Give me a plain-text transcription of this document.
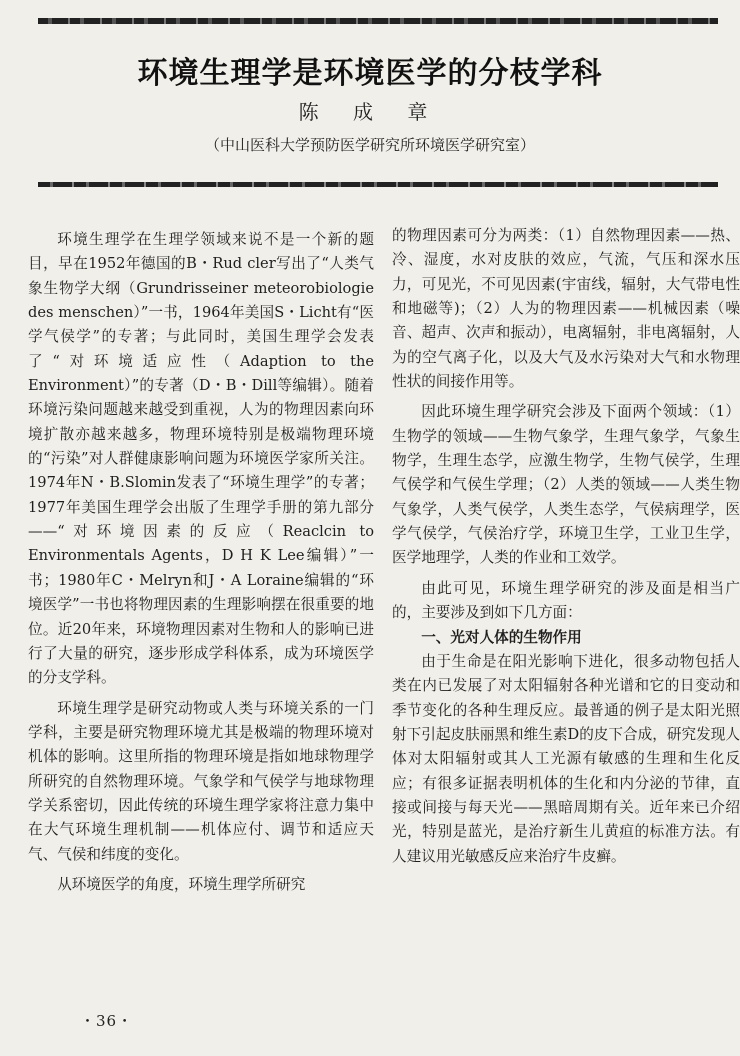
环境生理学是环境医学的分枝学科
陈 成 章
（中山医科大学预防医学研究所环境医学研究室）

环境生理学在生理学领域来说不是一个新的题目，早在1952年德国的B・Rud cler写出了“人类气象生物学大纲（Grundrisseiner meteorobiologie des menschen）”一书，1964年美国S・Licht有“医学气侯学”的专著；与此同时，美国生理学会发表了“对环境适应性（Adaption to the Environment）”的专著（D・B・Dill等编辑）。随着环境污染问题越来越受到重视，人为的物理因素向环境扩散亦越来越多，物理环境特别是极端物理环境的“污染”对人群健康影响问题为环境医学家所关注。1974年N・B.Slomin发表了“环境生理学”的专著；1977年美国生理学会出版了生理学手册的第九部分——“对环境因素的反应（Reaclcin to Environmentals Agents，D H K Lee编辑）”一书；1980年C・Melryn和J・A Loraine编辑的“环境医学”一书也将物理因素的生理影响摆在很重要的地位。近20年来，环境物理因素对生物和人的影响已进行了大量的研究，逐步形成学科体系，成为环境医学的分支学科。

环境生理学是研究动物或人类与环境关系的一门学科，主要是研究物理环境尤其是极端的物理环境对机体的影响。这里所指的物理环境是指如地球物理学所研究的自然物理环境。气象学和气侯学与地球物理学关系密切，因此传统的环境生理学家将注意力集中在大气环境生理机制——机体应付、调节和适应天气、气侯和纬度的变化。

从环境医学的角度，环境生理学所研究

的物理因素可分为两类：（1）自然物理因素——热、冷、湿度，水对皮肤的效应，气流，气压和深水压力，可见光，不可见因素(宇宙线，辐射，大气带电性和地磁等)；（2）人为的物理因素——机械因素（噪音、超声、次声和振动），电离辐射，非电离辐射，人为的空气离子化，以及大气及水污染对大气和水物理性状的间接作用等。

因此环境生理学研究会涉及下面两个领域：（1）生物学的领域——生物气象学，生理气象学，气象生物学，生理生态学，应激生物学，生物气侯学，生理气侯学和气侯生学理；（2）人类的领域——人类生物气象学，人类气侯学，人类生态学，气侯病理学，医学气侯学，气侯治疗学，环境卫生学，工业卫生学，医学地理学，人类的作业和工效学。

由此可见，环境生理学研究的涉及面是相当广的，主要涉及到如下几方面：

一、光对人体的生物作用

由于生命是在阳光影响下进化，很多动物包括人类在内已发展了对太阳辐射各种光谱和它的日变动和季节变化的各种生理反应。最普通的例子是太阳光照射下引起皮肤丽黑和维生素D的皮下合成，研究发现人体对太阳辐射或其人工光源有敏感的生理和生化反应；有很多证据表明机体的生化和内分泌的节律，直接或间接与每天光——黑暗周期有关。近年来已介绍光，特别是蓝光，是治疗新生儿黄疸的标准方法。有人建议用光敏感反应来治疗牛皮癣。

・36・
